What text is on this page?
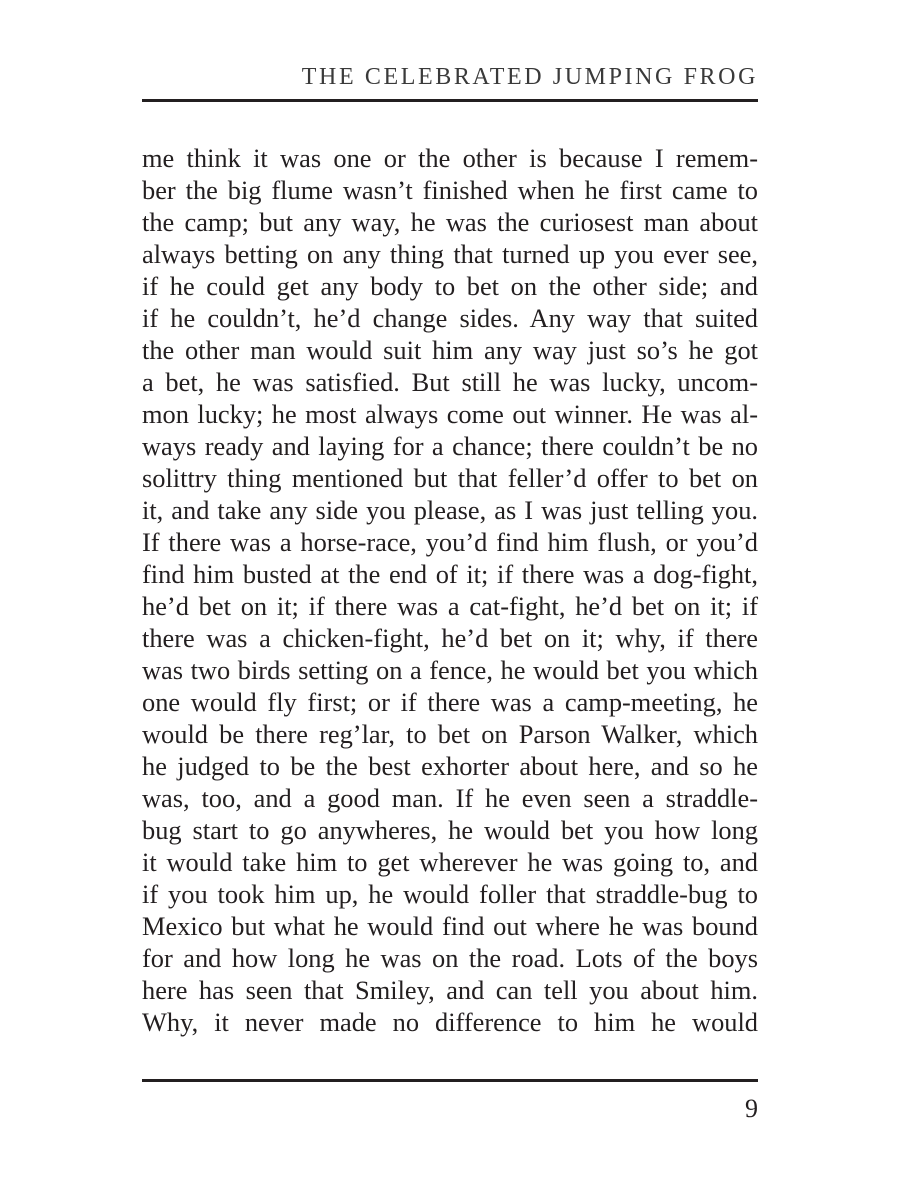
THE CELEBRATED JUMPING FROG
me think it was one or the other is because I remem-
ber the big flume wasn’t finished when he first came to
the camp; but any way, he was the curiosest man about
always betting on any thing that turned up you ever see,
if he could get any body to bet on the other side; and
if he couldn’t, he’d change sides. Any way that suited
the other man would suit him any way just so’s he got
a bet, he was satisfied. But still he was lucky, uncom-
mon lucky; he most always come out winner. He was al-
ways ready and laying for a chance; there couldn’t be no
solittry thing mentioned but that feller’d offer to bet on
it, and take any side you please, as I was just telling you.
If there was a horse-race, you’d find him flush, or you’d
find him busted at the end of it; if there was a dog-fight,
he’d bet on it; if there was a cat-fight, he’d bet on it; if
there was a chicken-fight, he’d bet on it; why, if there
was two birds setting on a fence, he would bet you which
one would fly first; or if there was a camp-meeting, he
would be there reg’lar, to bet on Parson Walker, which
he judged to be the best exhorter about here, and so he
was, too, and a good man. If he even seen a straddle-
bug start to go anywheres, he would bet you how long
it would take him to get wherever he was going to, and
if you took him up, he would foller that straddle-bug to
Mexico but what he would find out where he was bound
for and how long he was on the road. Lots of the boys
here has seen that Smiley, and can tell you about him.
Why, it never made no difference to him he would
9
